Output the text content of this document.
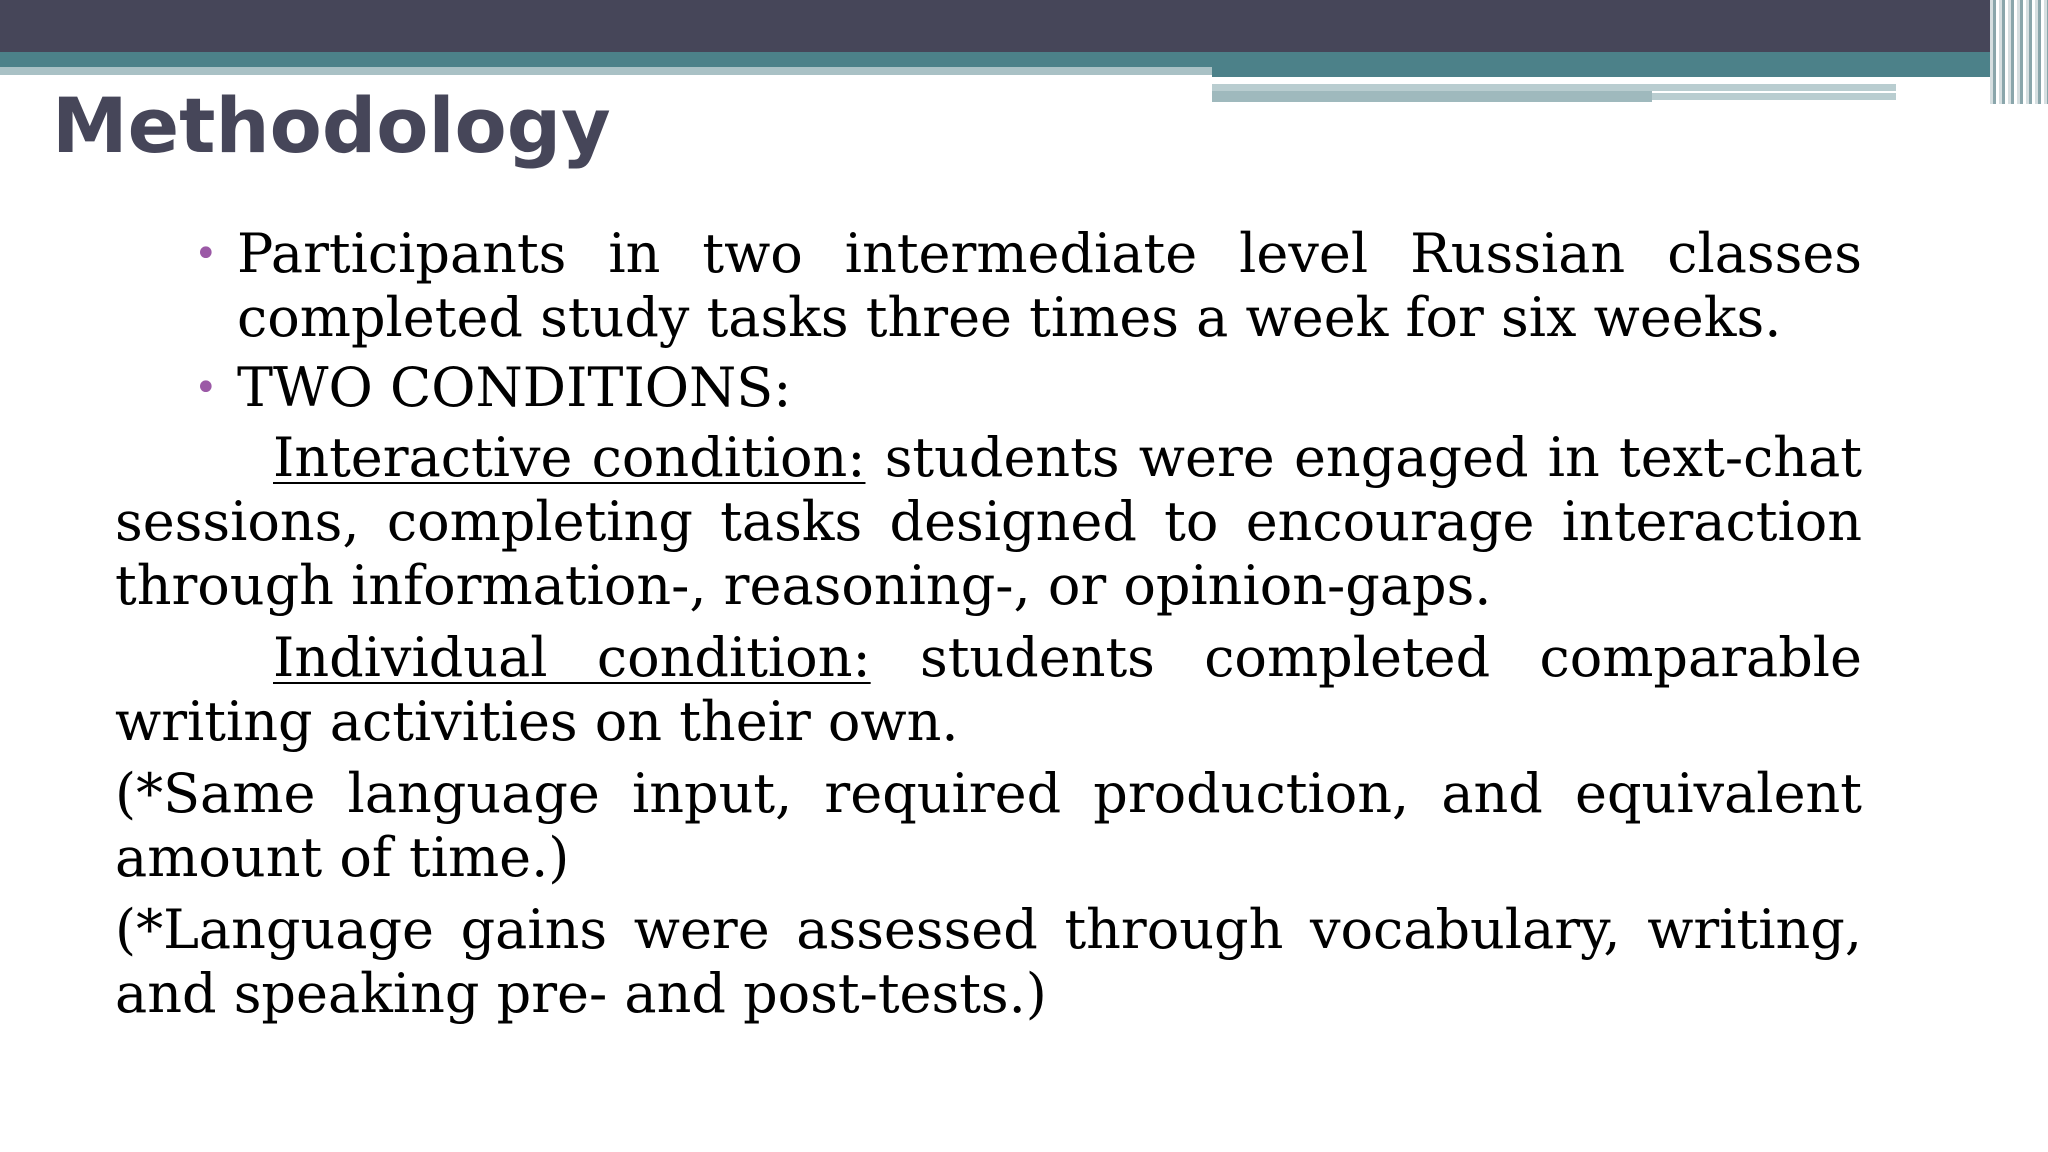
Methodology

• Participants in two intermediate level Russian classes completed study tasks three times a week for six weeks.

• TWO CONDITIONS:

Interactive condition: students were engaged in text-chat sessions, completing tasks designed to encourage interaction through information-, reasoning-, or opinion-gaps.

Individual condition: students completed comparable writing activities on their own.

(*Same language input, required production, and equivalent amount of time.)

(*Language gains were assessed through vocabulary, writing, and speaking pre- and post-tests.)
